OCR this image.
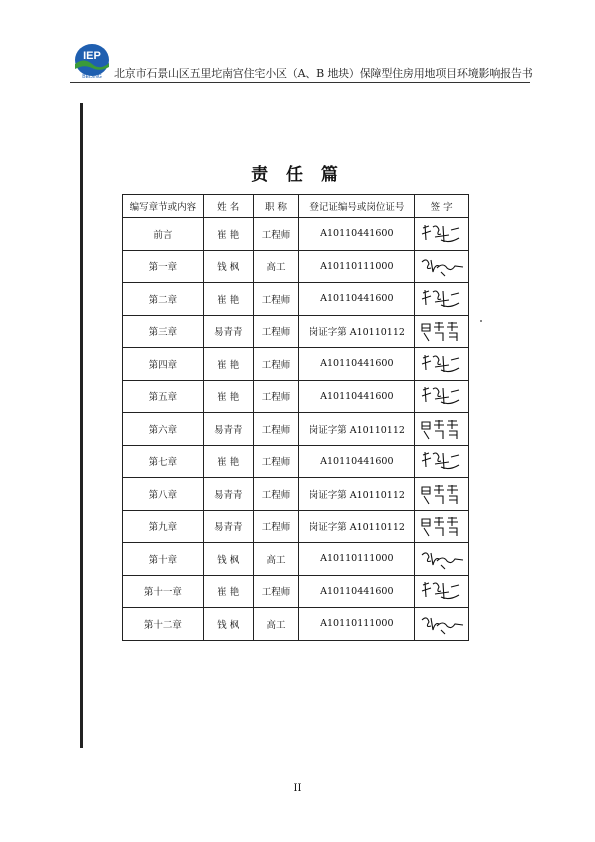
IEP
BEIJING 北京市石景山区五里坨南宫住宅小区（A、B 地块）保障型住房用地项目环境影响报告书
责 任 篇
编写章节或内容	姓 名	职 称	登记证编号或岗位证号	签 字
前言	崔 艳	工程师	A10110441600	

第一章	钱 枫	高工	A10110111000	

第二章	崔 艳	工程师	A10110441600	

第三章	易青青	工程师	岗证字第 A10110112	

第四章	崔 艳	工程师	A10110441600	

第五章	崔 艳	工程师	A10110441600	

第六章	易青青	工程师	岗证字第 A10110112	

第七章	崔 艳	工程师	A10110441600	

第八章	易青青	工程师	岗证字第 A10110112	

第九章	易青青	工程师	岗证字第 A10110112	

第十章	钱 枫	高工	A10110111000	

第十一章	崔 艳	工程师	A10110441600	

第十二章	钱 枫	高工	A10110111000	
II
